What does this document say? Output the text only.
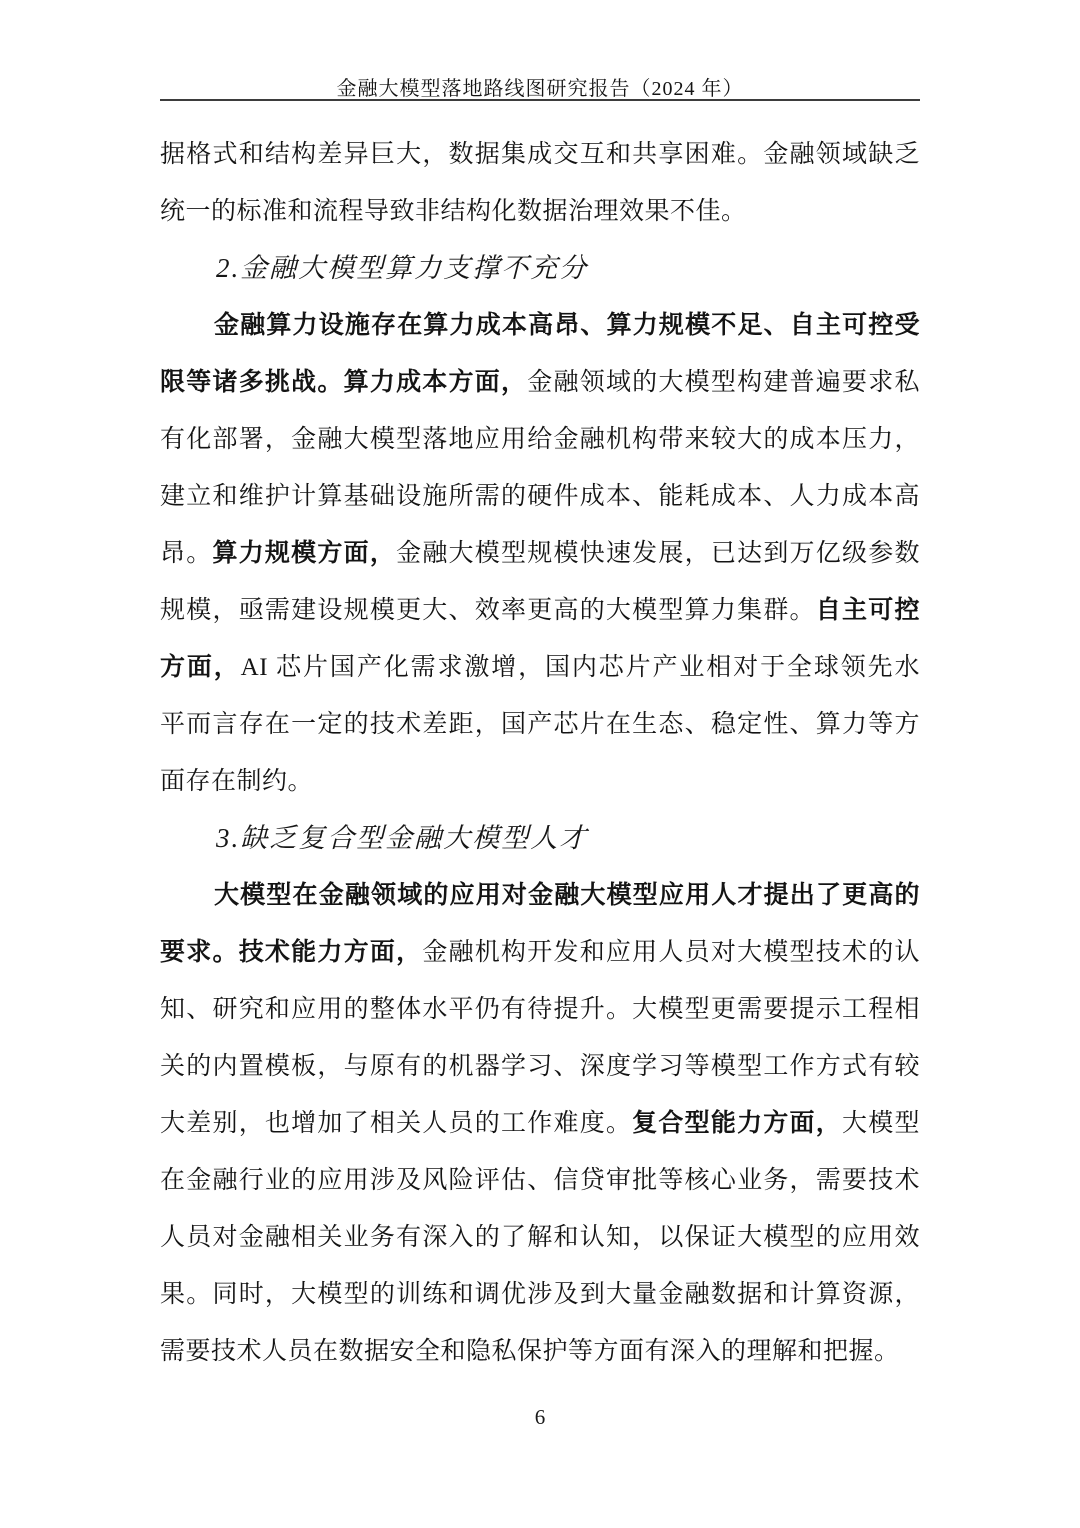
金融大模型落地路线图研究报告（2024 年）
据格式和结构差异巨大，数据集成交互和共享困难。金融领域缺乏
统一的标准和流程导致非结构化数据治理效果不佳。
2.金融大模型算力支撑不充分
金融算力设施存在算力成本高昂、算力规模不足、自主可控受
限等诸多挑战。算力成本方面，金融领域的大模型构建普遍要求私
有化部署，金融大模型落地应用给金融机构带来较大的成本压力，
建立和维护计算基础设施所需的硬件成本、能耗成本、人力成本高
昂。算力规模方面，金融大模型规模快速发展，已达到万亿级参数
规模，亟需建设规模更大、效率更高的大模型算力集群。自主可控
方面，AI 芯片国产化需求激增，国内芯片产业相对于全球领先水
平而言存在一定的技术差距，国产芯片在生态、稳定性、算力等方
面存在制约。
3.缺乏复合型金融大模型人才
大模型在金融领域的应用对金融大模型应用人才提出了更高的
要求。技术能力方面，金融机构开发和应用人员对大模型技术的认
知、研究和应用的整体水平仍有待提升。大模型更需要提示工程相
关的内置模板，与原有的机器学习、深度学习等模型工作方式有较
大差别，也增加了相关人员的工作难度。复合型能力方面，大模型
在金融行业的应用涉及风险评估、信贷审批等核心业务，需要技术
人员对金融相关业务有深入的了解和认知，以保证大模型的应用效
果。同时，大模型的训练和调优涉及到大量金融数据和计算资源，
需要技术人员在数据安全和隐私保护等方面有深入的理解和把握。
6
